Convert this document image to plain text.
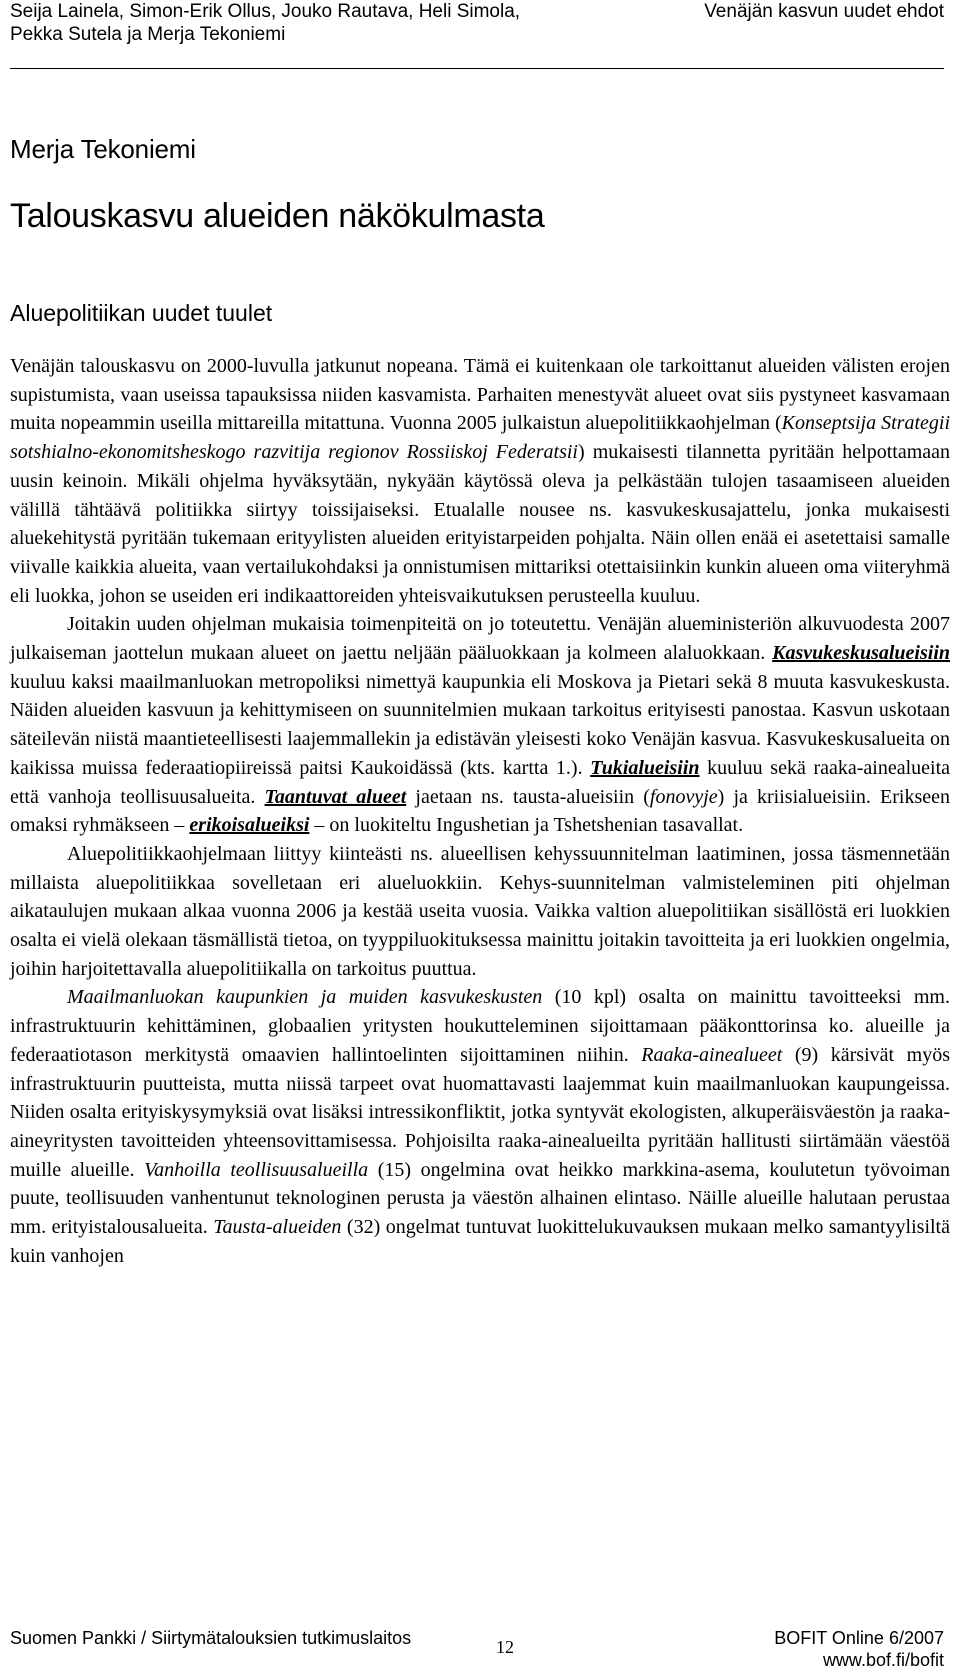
Seija Lainela, Simon-Erik Ollus, Jouko Rautava, Heli Simola,
Pekka Sutela ja Merja Tekoniemi
Venäjän kasvun uudet ehdot
Merja Tekoniemi
Talouskasvu alueiden näkökulmasta
Aluepolitiikan uudet tuulet

Venäjän talouskasvu on 2000-luvulla jatkunut nopeana. Tämä ei kuitenkaan ole tarkoittanut alueiden välisten erojen supistumista, vaan useissa tapauksissa niiden kasvamista. Parhaiten menestyvät alueet ovat siis pystyneet kasvamaan muita nopeammin useilla mittareilla mitattuna. Vuonna 2005 julkaistun aluepolitiikkaohjelman (Konseptsija Strategii sotshialno-ekonomitsheskogo razvitija regionov Rossiiskoj Federatsii) mukaisesti tilannetta pyritään helpottamaan uusin keinoin. Mikäli ohjelma hyväksytään, nykyään käytössä oleva ja pelkästään tulojen tasaamiseen alueiden välillä tähtäävä politiikka siirtyy toissijaiseksi. Etualalle nousee ns. kasvukeskusajattelu, jonka mukaisesti aluekehitystä pyritään tukemaan erityylisten alueiden erityistarpeiden pohjalta. Näin ollen enää ei asetettaisi samalle viivalle kaikkia alueita, vaan vertailukohdaksi ja onnistumisen mittariksi otettaisiinkin kunkin alueen oma viiteryhmä eli luokka, johon se useiden eri indikaattoreiden yhteisvaikutuksen perusteella kuuluu.

Joitakin uuden ohjelman mukaisia toimenpiteitä on jo toteutettu. Venäjän alueministeriön alkuvuodesta 2007 julkaiseman jaottelun mukaan alueet on jaettu neljään pääluokkaan ja kolmeen alaluokkaan. Kasvukeskusalueisiin kuuluu kaksi maailmanluokan metropoliksi nimettyä kaupunkia eli Moskova ja Pietari sekä 8 muuta kasvukeskusta. Näiden alueiden kasvuun ja kehittymiseen on suunnitelmien mukaan tarkoitus erityisesti panostaa. Kasvun uskotaan säteilevän niistä maantieteellisesti laajemmallekin ja edistävän yleisesti koko Venäjän kasvua. Kasvukeskusalueita on kaikissa muissa federaatiopiireissä paitsi Kaukoidässä (kts. kartta 1.). Tukialueisiin kuuluu sekä raaka-ainealueita että vanhoja teollisuusalueita. Taantuvat alueet jaetaan ns. tausta-alueisiin (fonovyje) ja kriisialueisiin. Erikseen omaksi ryhmäkseen – erikoisalueiksi – on luokiteltu Ingushetian ja Tshetshenian tasavallat.

Aluepolitiikkaohjelmaan liittyy kiinteästi ns. alueellisen kehyssuunnitelman laatiminen, jossa täsmennetään millaista aluepolitiikkaa sovelletaan eri alueluokkiin. Kehys-suunnitelman valmisteleminen piti ohjelman aikataulujen mukaan alkaa vuonna 2006 ja kestää useita vuosia. Vaikka valtion aluepolitiikan sisällöstä eri luokkien osalta ei vielä olekaan täsmällistä tietoa, on tyyppiluokituksessa mainittu joitakin tavoitteita ja eri luokkien ongelmia, joihin harjoitettavalla aluepolitiikalla on tarkoitus puuttua.

Maailmanluokan kaupunkien ja muiden kasvukeskusten (10 kpl) osalta on mainittu tavoitteeksi mm. infrastruktuurin kehittäminen, globaalien yritysten houkutteleminen sijoittamaan pääkonttorinsa ko. alueille ja federaatiotason merkitystä omaavien hallintoelinten sijoittaminen niihin. Raaka-ainealueet (9) kärsivät myös infrastruktuurin puutteista, mutta niissä tarpeet ovat huomattavasti laajemmat kuin maailmanluokan kaupungeissa. Niiden osalta erityiskysymyksiä ovat lisäksi intressikonfliktit, jotka syntyvät ekologisten, alkuperäisväestön ja raaka-aineyritysten tavoitteiden yhteensovittamisessa. Pohjoisilta raaka-ainealueilta pyritään hallitusti siirtämään väestöä muille alueille. Vanhoilla teollisuusalueilla (15) ongelmina ovat heikko markkina-asema, koulutetun työvoiman puute, teollisuuden vanhentunut teknologinen perusta ja väestön alhainen elintaso. Näille alueille halutaan perustaa mm. erityistalousalueita. Tausta-alueiden (32) ongelmat tuntuvat luokittelukuvauksen mukaan melko samantyylisiltä kuin vanhojen

Suomen Pankki / Siirtymätalouksien tutkimuslaitos	12	BOFIT Online 6/2007
www.bof.fi/bofit
